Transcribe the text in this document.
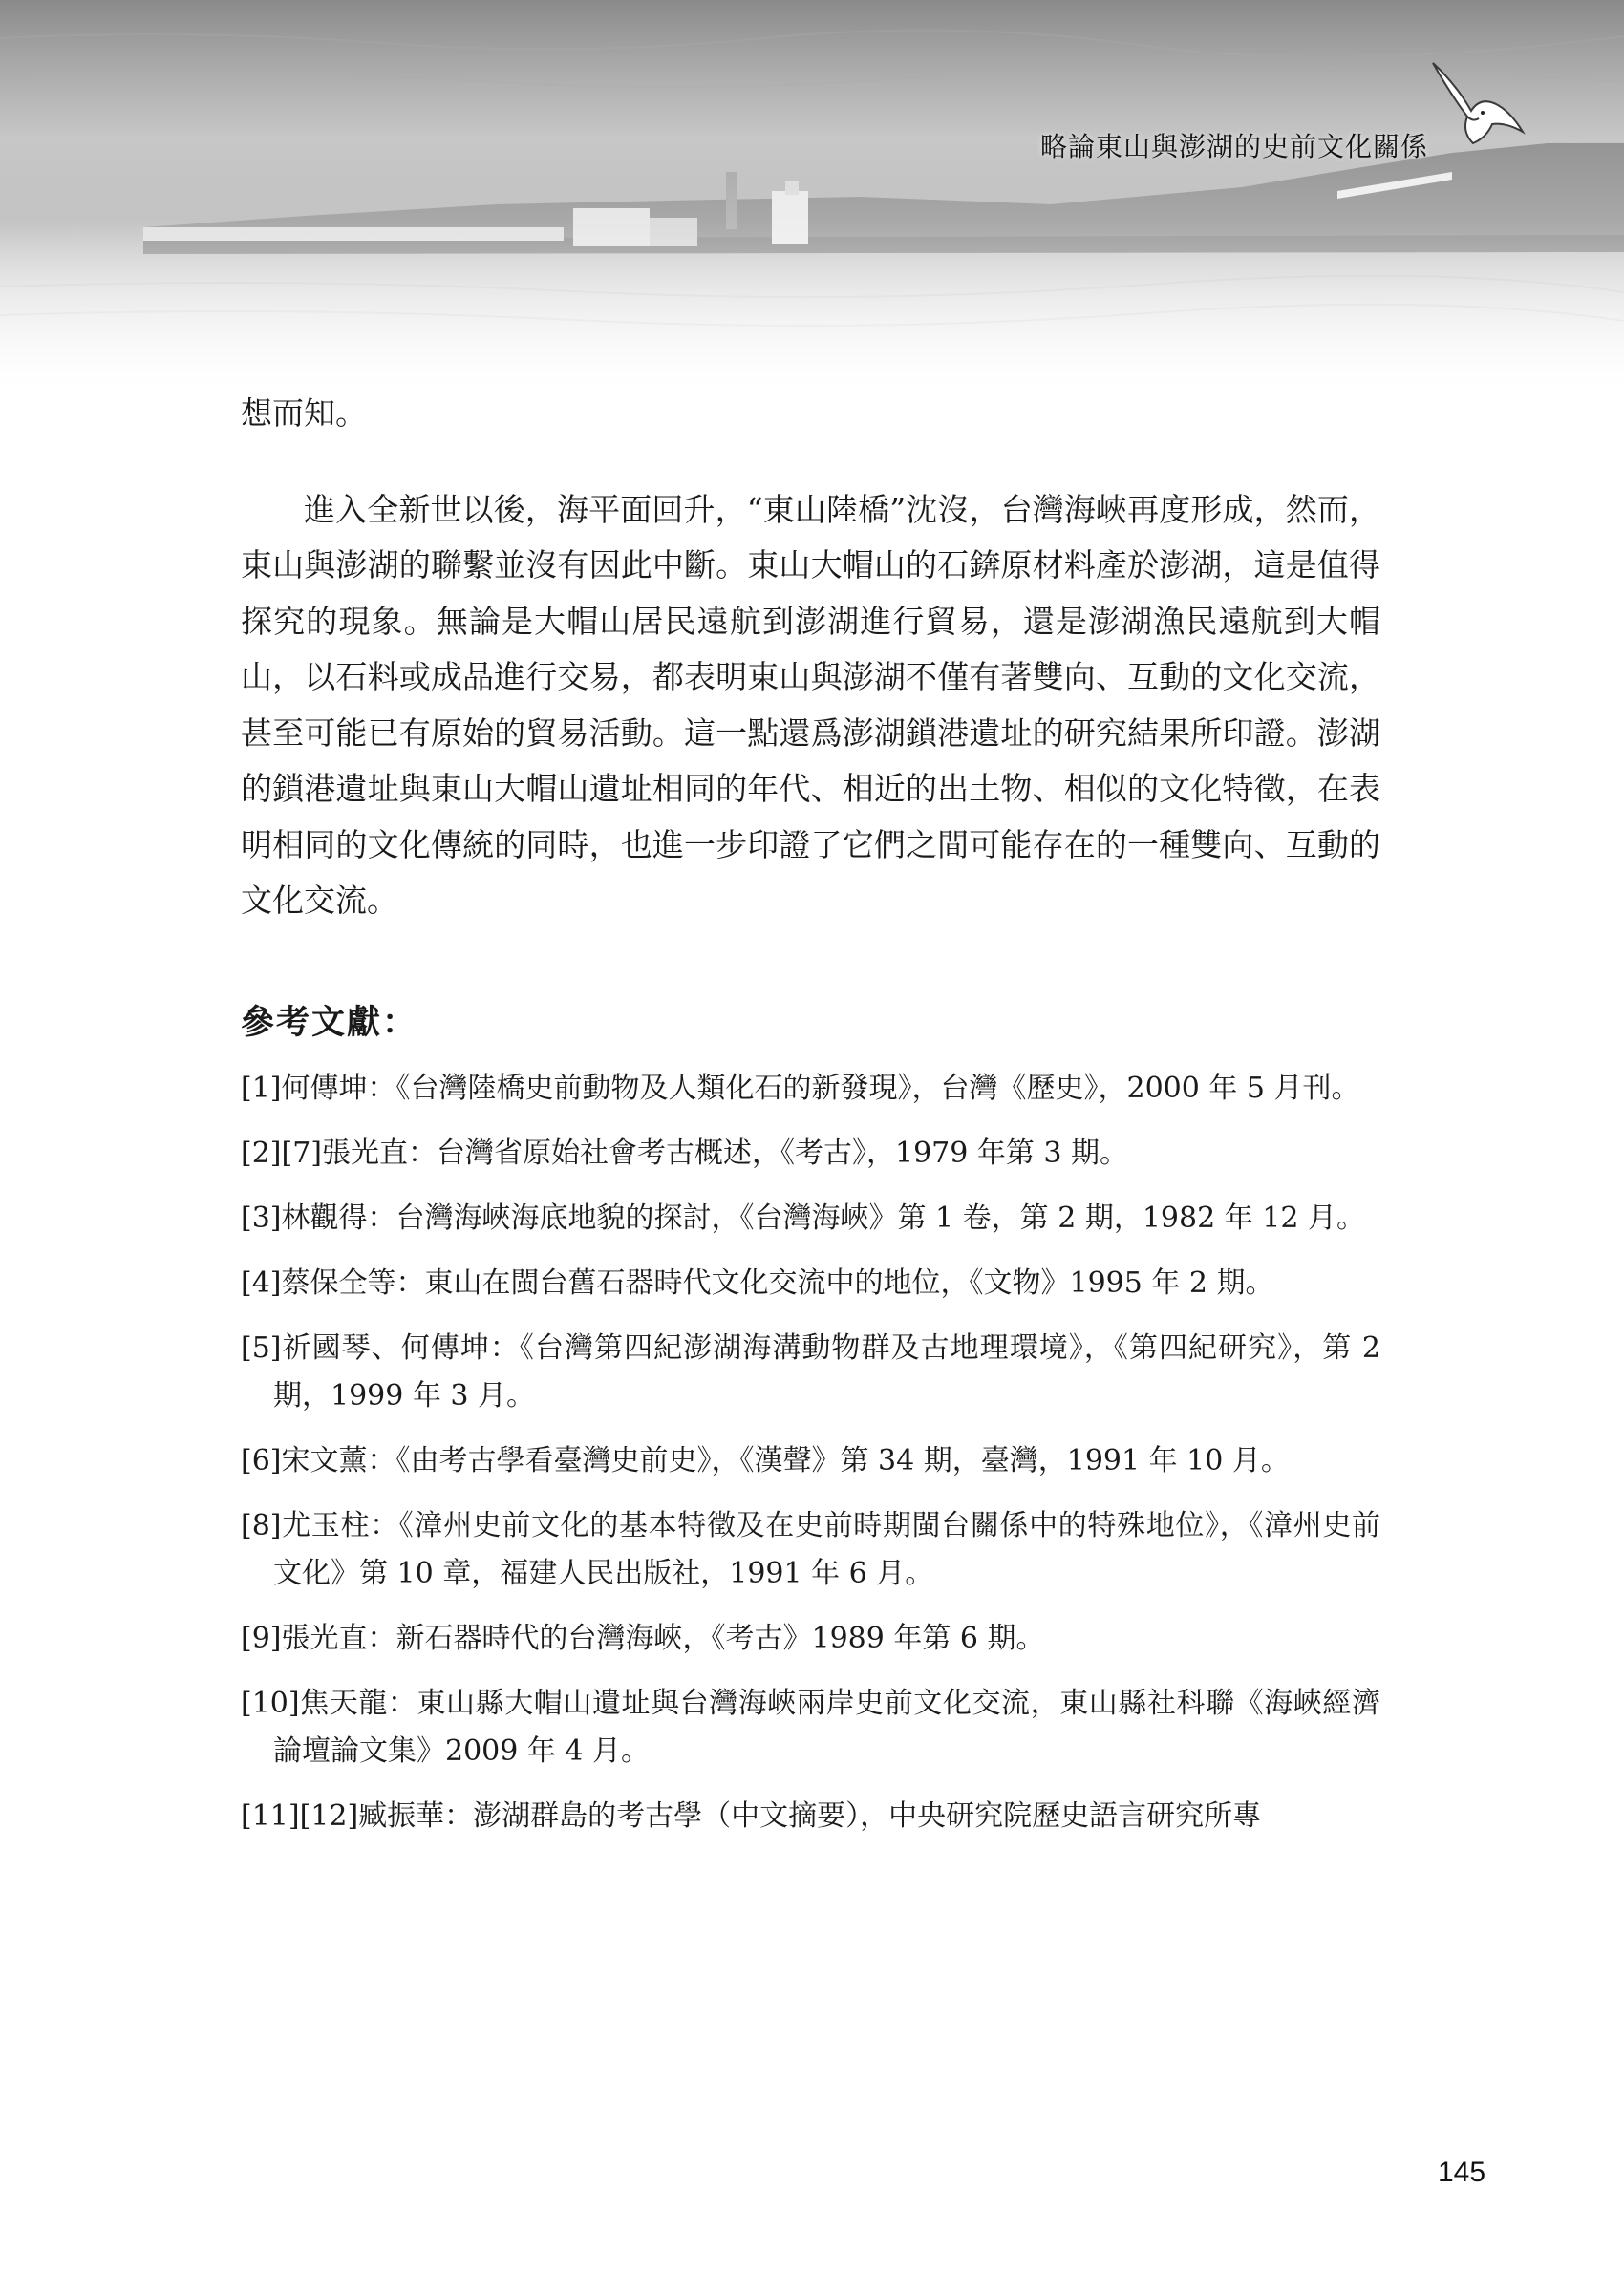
略論東山與澎湖的史前文化關係

想而知。

進入全新世以後，海平面回升，“東山陸橋”沈沒，台灣海峽再度形成，然而，東山與澎湖的聯繫並沒有因此中斷。東山大帽山的石錛原材料產於澎湖，這是值得探究的現象。無論是大帽山居民遠航到澎湖進行貿易，還是澎湖漁民遠航到大帽山，以石料或成品進行交易，都表明東山與澎湖不僅有著雙向、互動的文化交流，甚至可能已有原始的貿易活動。這一點還爲澎湖鎖港遺址的研究結果所印證。澎湖的鎖港遺址與東山大帽山遺址相同的年代、相近的出土物、相似的文化特徵，在表明相同的文化傳統的同時，也進一步印證了它們之間可能存在的一種雙向、互動的文化交流。

參考文獻：
[1]何傳坤：《台灣陸橋史前動物及人類化石的新發現》，台灣《歷史》，2000 年 5 月刊。
[2][7]張光直：台灣省原始社會考古概述，《考古》，1979 年第 3 期。
[3]林觀得：台灣海峽海底地貌的探討，《台灣海峽》第 1 卷，第 2 期，1982 年 12 月。
[4]蔡保全等：東山在閩台舊石器時代文化交流中的地位，《文物》1995 年 2 期。
[5]祈國琴、何傳坤：《台灣第四紀澎湖海溝動物群及古地理環境》，《第四紀研究》，第 2 期，1999 年 3 月。
[6]宋文薰：《由考古學看臺灣史前史》，《漢聲》第 34 期，臺灣，1991 年 10 月。
[8]尤玉柱：《漳州史前文化的基本特徵及在史前時期閩台關係中的特殊地位》，《漳州史前文化》第 10 章，福建人民出版社，1991 年 6 月。
[9]張光直：新石器時代的台灣海峽，《考古》1989 年第 6 期。
[10]焦天龍：東山縣大帽山遺址與台灣海峽兩岸史前文化交流，東山縣社科聯《海峽經濟論壇論文集》2009 年 4 月。
[11][12]臧振華：澎湖群島的考古學（中文摘要），中央研究院歷史語言研究所專
145
